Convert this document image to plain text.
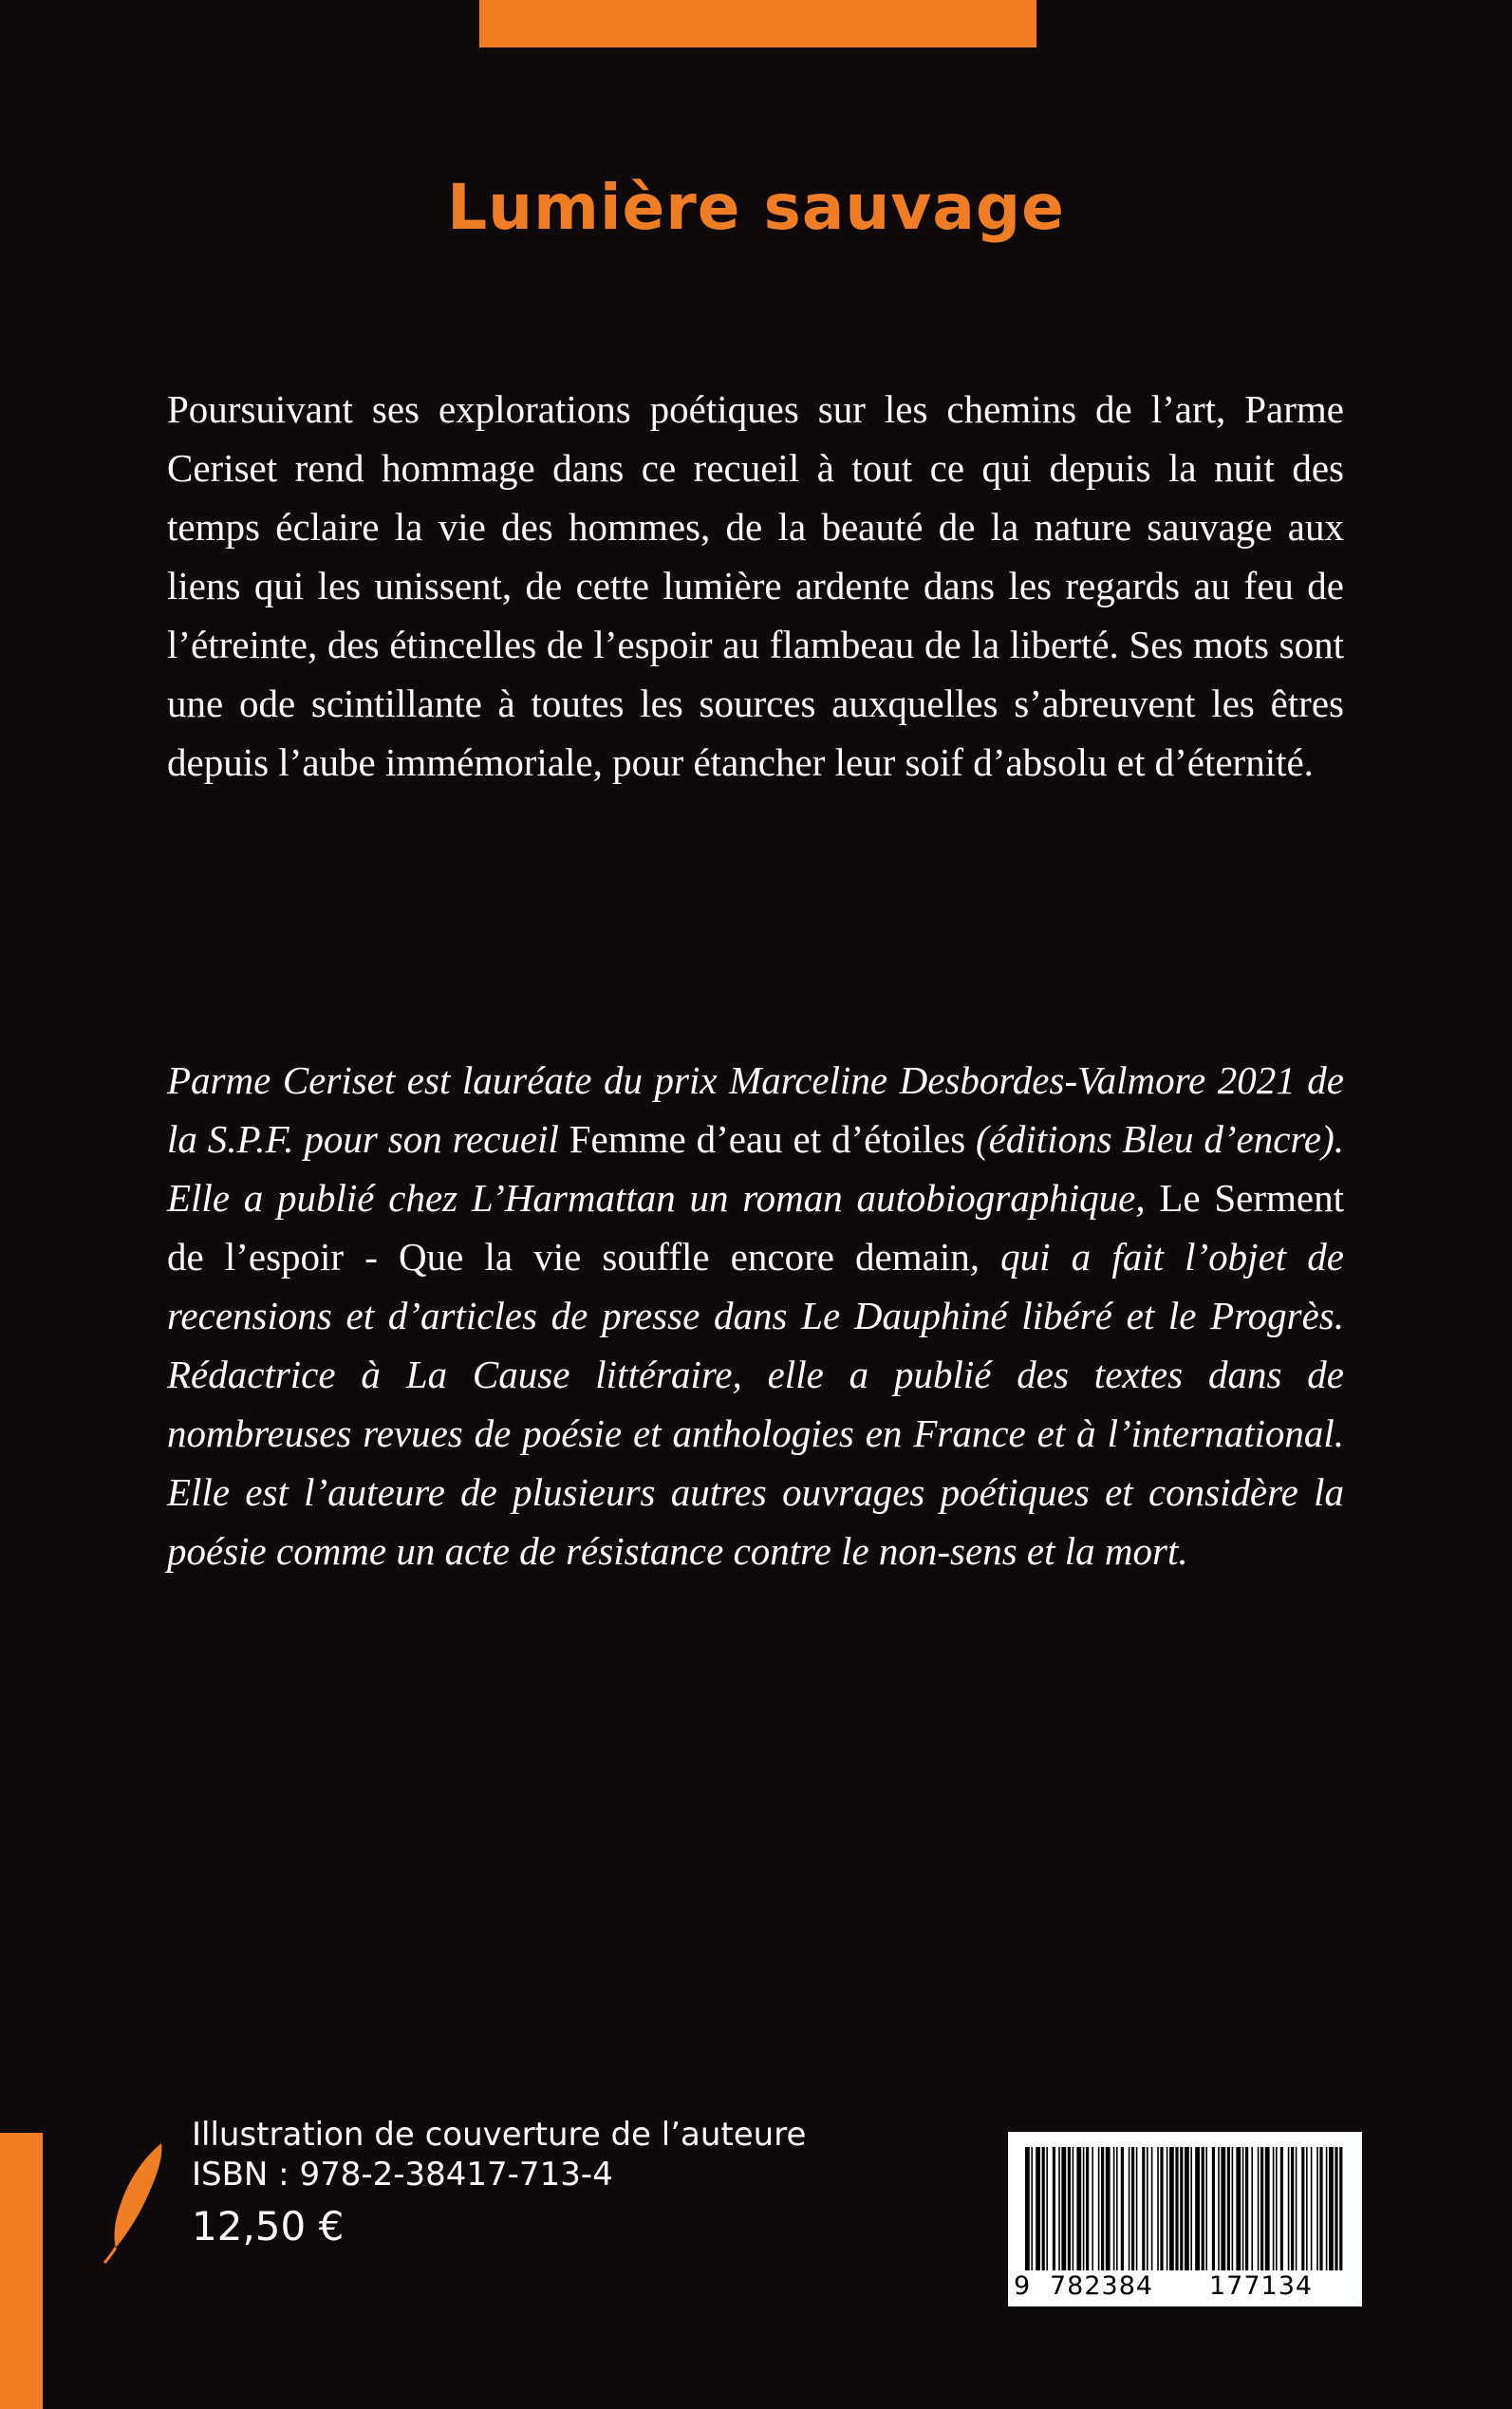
Lumière sauvage

Poursuivant ses explorations poétiques sur les chemins de l’art, Parme Ceriset rend hommage dans ce recueil à tout ce qui depuis la nuit des temps éclaire la vie des hommes, de la beauté de la nature sauvage aux liens qui les unissent, de cette lumière ardente dans les regards au feu de l’étreinte, des étincelles de l’espoir au flambeau de la liberté. Ses mots sont une ode scintillante à toutes les sources auxquelles s’abreuvent les êtres depuis l’aube immémoriale, pour étancher leur soif d’absolu et d’éternité.

Parme Ceriset est lauréate du prix Marceline Desbordes-Valmore 2021 de la S.P.F. pour son recueil Femme d’eau et d’étoiles (éditions Bleu d’encre). Elle a publié chez L’Harmattan un roman autobiographique, Le Serment de l’espoir - Que la vie souffle encore demain, qui a fait l’objet de recensions et d’articles de presse dans Le Dauphiné libéré et le Progrès. Rédactrice à La Cause littéraire, elle a publié des textes dans de nombreuses revues de poésie et anthologies en France et à l’international. Elle est l’auteure de plusieurs autres ouvrages poétiques et considère la poésie comme un acte de résistance contre le non-sens et la mort.

Illustration de couverture de l’auteure
ISBN : 978-2-38417-713-4
12,50 €
9 782384 177134
